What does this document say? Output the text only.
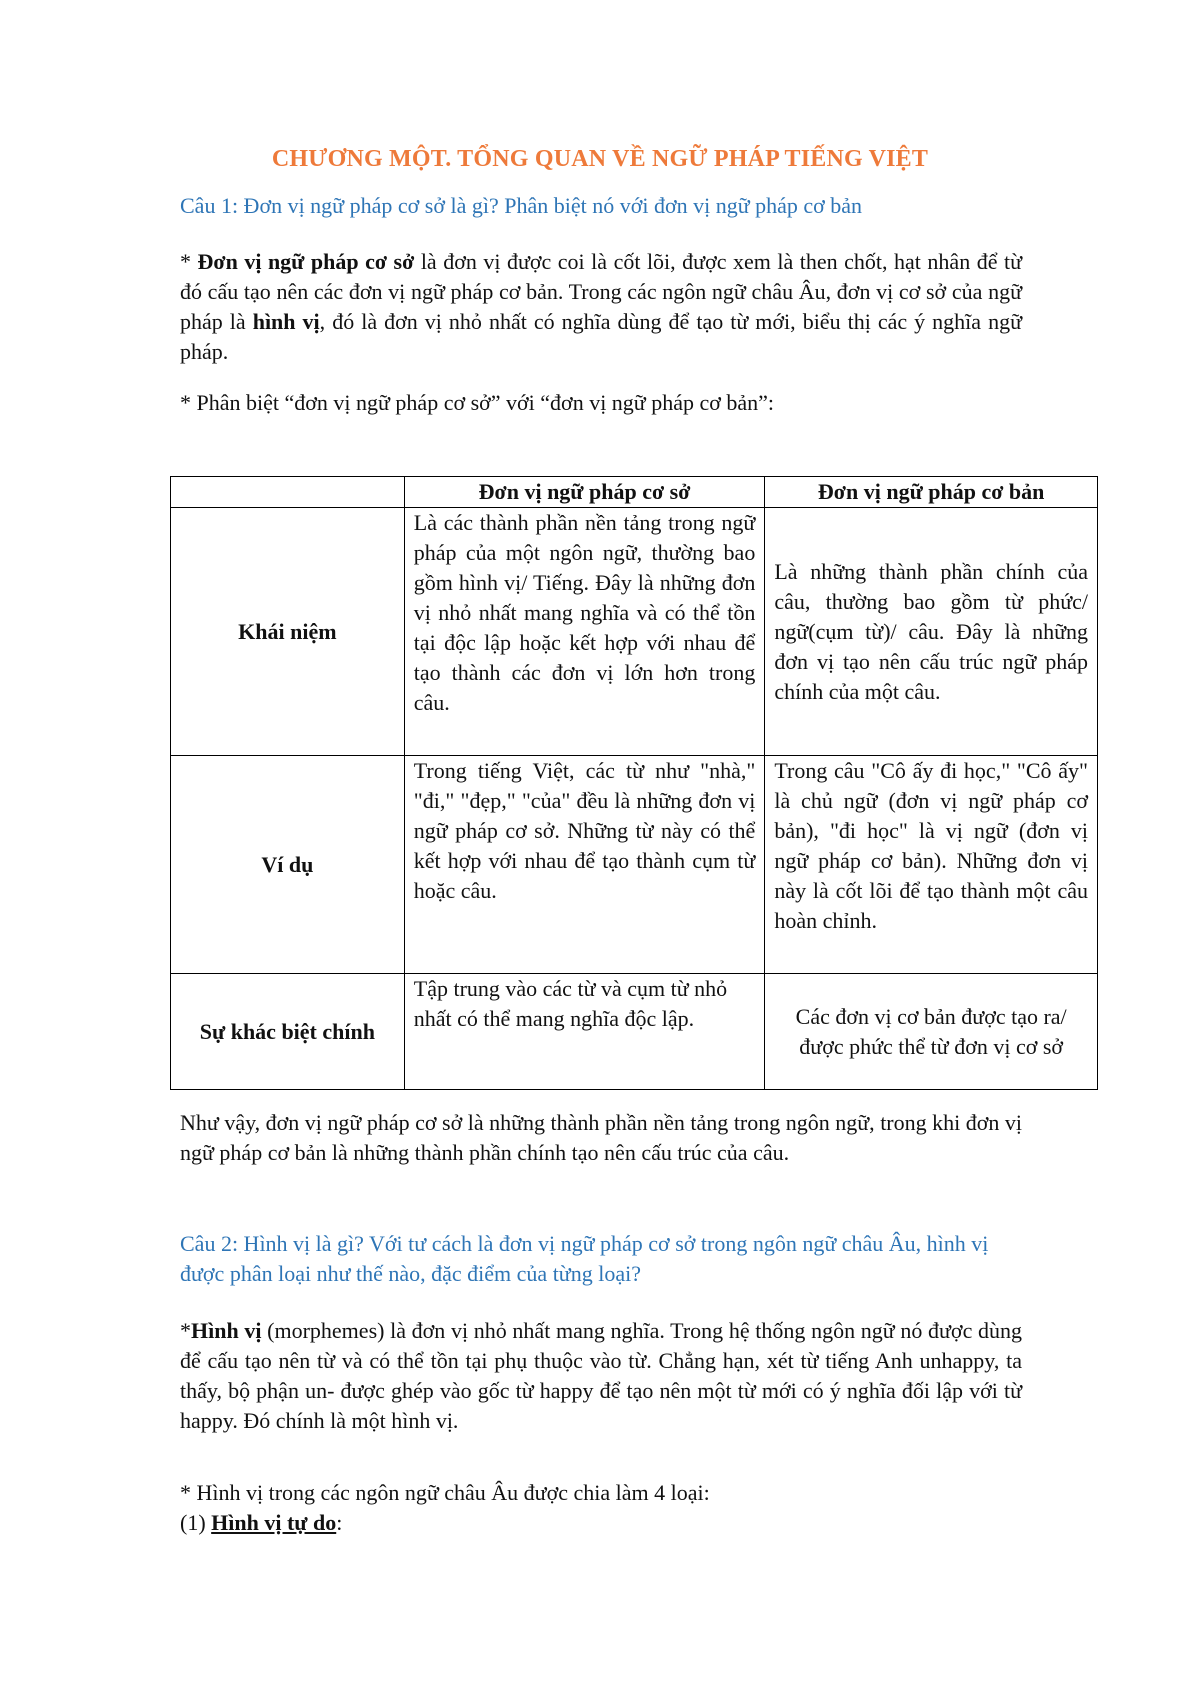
CHƯƠNG MỘT. TỔNG QUAN VỀ NGỮ PHÁP TIẾNG VIỆT
Câu 1: Đơn vị ngữ pháp cơ sở là gì? Phân biệt nó với đơn vị ngữ pháp cơ bản
* Đơn vị ngữ pháp cơ sở là đơn vị được coi là cốt lõi, được xem là then chốt, hạt nhân để từ đó cấu tạo nên các đơn vị ngữ pháp cơ bản. Trong các ngôn ngữ châu Âu, đơn vị cơ sở của ngữ pháp là hình vị, đó là đơn vị nhỏ nhất có nghĩa dùng để tạo từ mới, biểu thị các ý nghĩa ngữ pháp.
* Phân biệt “đơn vị ngữ pháp cơ sở” với “đơn vị ngữ pháp cơ bản”:
	Đơn vị ngữ pháp cơ sở	Đơn vị ngữ pháp cơ bản
Khái niệm	Là các thành phần nền tảng trong ngữ pháp của một ngôn ngữ, thường bao gồm hình vị/ Tiếng. Đây là những đơn vị nhỏ nhất mang nghĩa và có thể tồn tại độc lập hoặc kết hợp với nhau để tạo thành các đơn vị lớn hơn trong câu.	Là những thành phần chính của câu, thường bao gồm từ phức/ ngữ(cụm từ)/ câu. Đây là những đơn vị tạo nên cấu trúc ngữ pháp chính của một câu.
Ví dụ	Trong tiếng Việt, các từ như "nhà," "đi," "đẹp," "của" đều là những đơn vị ngữ pháp cơ sở. Những từ này có thể kết hợp với nhau để tạo thành cụm từ hoặc câu.	Trong câu "Cô ấy đi học," "Cô ấy" là chủ ngữ (đơn vị ngữ pháp cơ bản), "đi học" là vị ngữ (đơn vị ngữ pháp cơ bản). Những đơn vị này là cốt lõi để tạo thành một câu hoàn chỉnh.
Sự khác biệt chính	Tập trung vào các từ và cụm từ nhỏ nhất có thể mang nghĩa độc lập.	Các đơn vị cơ bản được tạo ra/ được phức thể từ đơn vị cơ sở
Như vậy, đơn vị ngữ pháp cơ sở là những thành phần nền tảng trong ngôn ngữ, trong khi đơn vị ngữ pháp cơ bản là những thành phần chính tạo nên cấu trúc của câu.
Câu 2: Hình vị là gì? Với tư cách là đơn vị ngữ pháp cơ sở trong ngôn ngữ châu Âu, hình vị được phân loại như thế nào, đặc điểm của từng loại?
*Hình vị (morphemes) là đơn vị nhỏ nhất mang nghĩa. Trong hệ thống ngôn ngữ nó được dùng để cấu tạo nên từ và có thể tồn tại phụ thuộc vào từ. Chẳng hạn, xét từ tiếng Anh unhappy, ta thấy, bộ phận un- được ghép vào gốc từ happy để tạo nên một từ mới có ý nghĩa đối lập với từ happy. Đó chính là một hình vị.
* Hình vị trong các ngôn ngữ châu Âu được chia làm 4 loại:
(1) Hình vị tự do:
